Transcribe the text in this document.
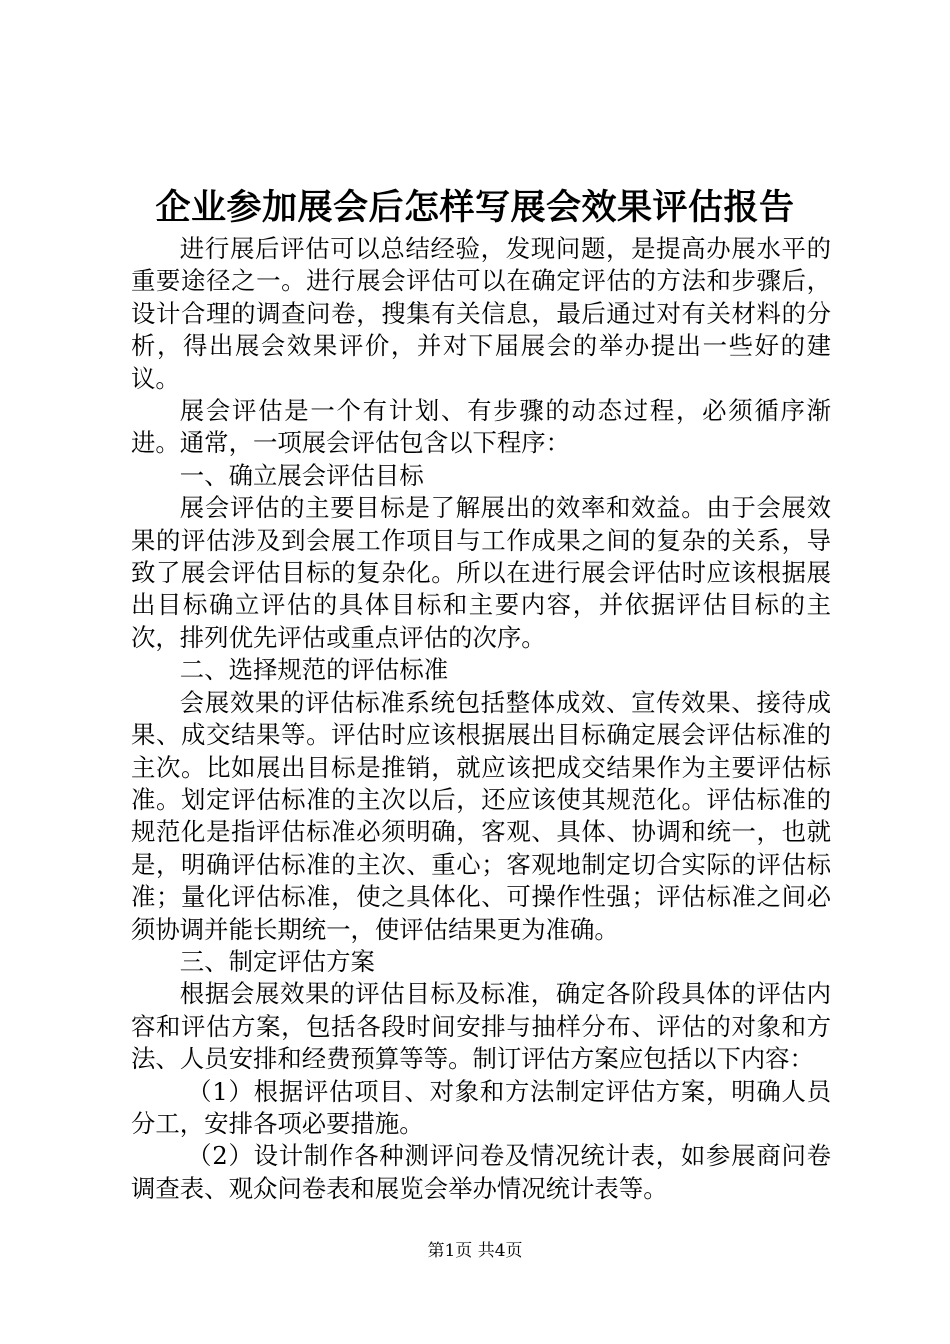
企业参加展会后怎样写展会效果评估报告

进行展后评估可以总结经验，发现问题，是提高办展水平的重要途径之一。进行展会评估可以在确定评估的方法和步骤后，设计合理的调查问卷，搜集有关信息，最后通过对有关材料的分析，得出展会效果评价，并对下届展会的举办提出一些好的建议。

展会评估是一个有计划、有步骤的动态过程，必须循序渐进。通常，一项展会评估包含以下程序：

一、确立展会评估目标

展会评估的主要目标是了解展出的效率和效益。由于会展效果的评估涉及到会展工作项目与工作成果之间的复杂的关系，导致了展会评估目标的复杂化。所以在进行展会评估时应该根据展出目标确立评估的具体目标和主要内容，并依据评估目标的主次，排列优先评估或重点评估的次序。

二、选择规范的评估标准

会展效果的评估标准系统包括整体成效、宣传效果、接待成果、成交结果等。评估时应该根据展出目标确定展会评估标准的主次。比如展出目标是推销，就应该把成交结果作为主要评估标准。划定评估标准的主次以后，还应该使其规范化。评估标准的规范化是指评估标准必须明确，客观、具体、协调和统一，也就是，明确评估标准的主次、重心；客观地制定切合实际的评估标准；量化评估标准，使之具体化、可操作性强；评估标准之间必须协调并能长期统一，使评估结果更为准确。

三、制定评估方案

根据会展效果的评估目标及标准，确定各阶段具体的评估内容和评估方案，包括各段时间安排与抽样分布、评估的对象和方法、人员安排和经费预算等等。制订评估方案应包括以下内容：

（1）根据评估项目、对象和方法制定评估方案，明确人员分工，安排各项必要措施。

（2）设计制作各种测评问卷及情况统计表，如参展商问卷调查表、观众问卷表和展览会举办情况统计表等。

第1页 共4页
